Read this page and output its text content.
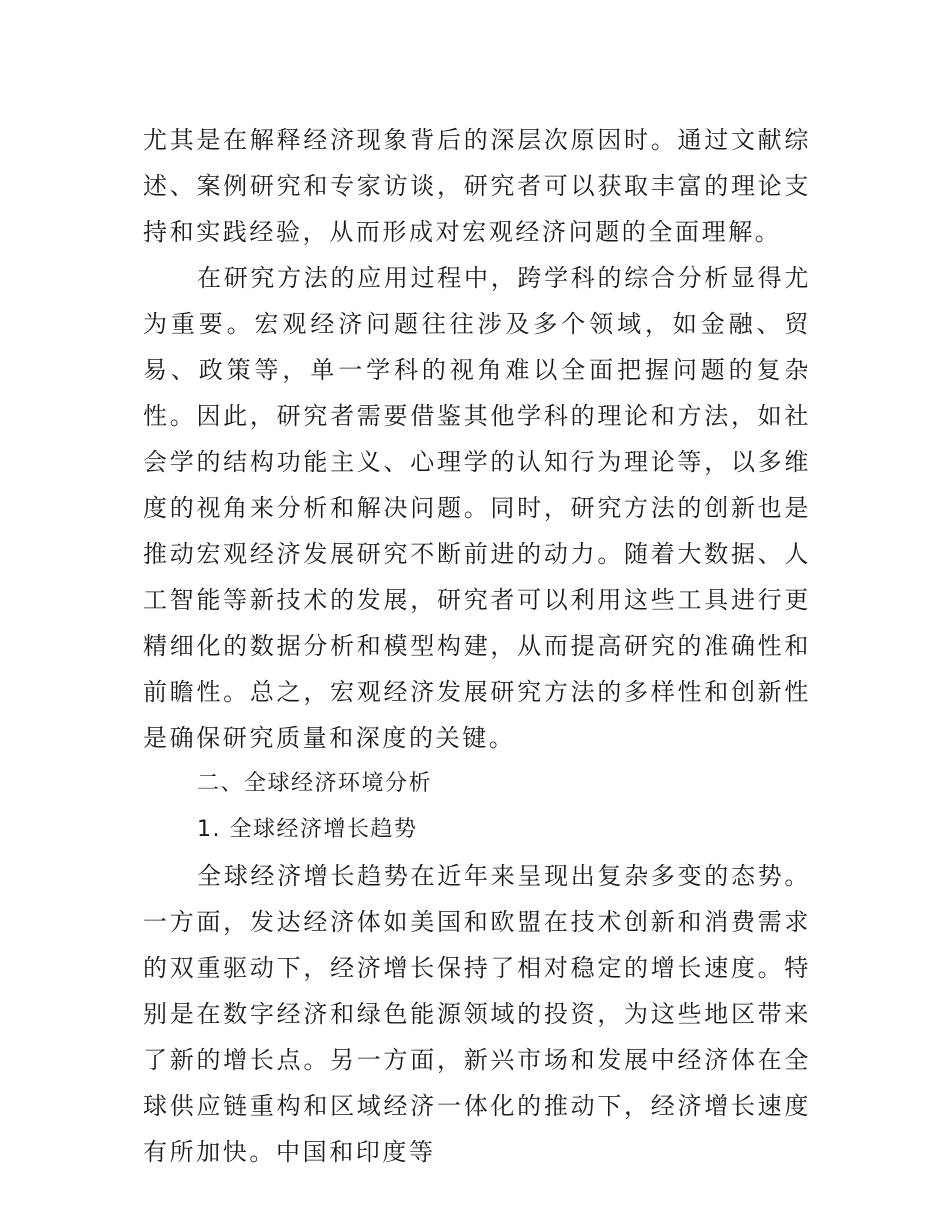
尤其是在解释经济现象背后的深层次原因时。通过文献综述、案例研究和专家访谈，研究者可以获取丰富的理论支持和实践经验，从而形成对宏观经济问题的全面理解。

在研究方法的应用过程中，跨学科的综合分析显得尤为重要。宏观经济问题往往涉及多个领域，如金融、贸易、政策等，单一学科的视角难以全面把握问题的复杂性。因此，研究者需要借鉴其他学科的理论和方法，如社会学的结构功能主义、心理学的认知行为理论等，以多维度的视角来分析和解决问题。同时，研究方法的创新也是推动宏观经济发展研究不断前进的动力。随着大数据、人工智能等新技术的发展，研究者可以利用这些工具进行更精细化的数据分析和模型构建，从而提高研究的准确性和前瞻性。总之，宏观经济发展研究方法的多样性和创新性是确保研究质量和深度的关键。

二、全球经济环境分析
1. 全球经济增长趋势

全球经济增长趋势在近年来呈现出复杂多变的态势。一方面，发达经济体如美国和欧盟在技术创新和消费需求的双重驱动下，经济增长保持了相对稳定的增长速度。特别是在数字经济和绿色能源领域的投资，为这些地区带来了新的增长点。另一方面，新兴市场和发展中经济体在全球供应链重构和区域经济一体化的推动下，经济增长速度有所加快。中国和印度等
